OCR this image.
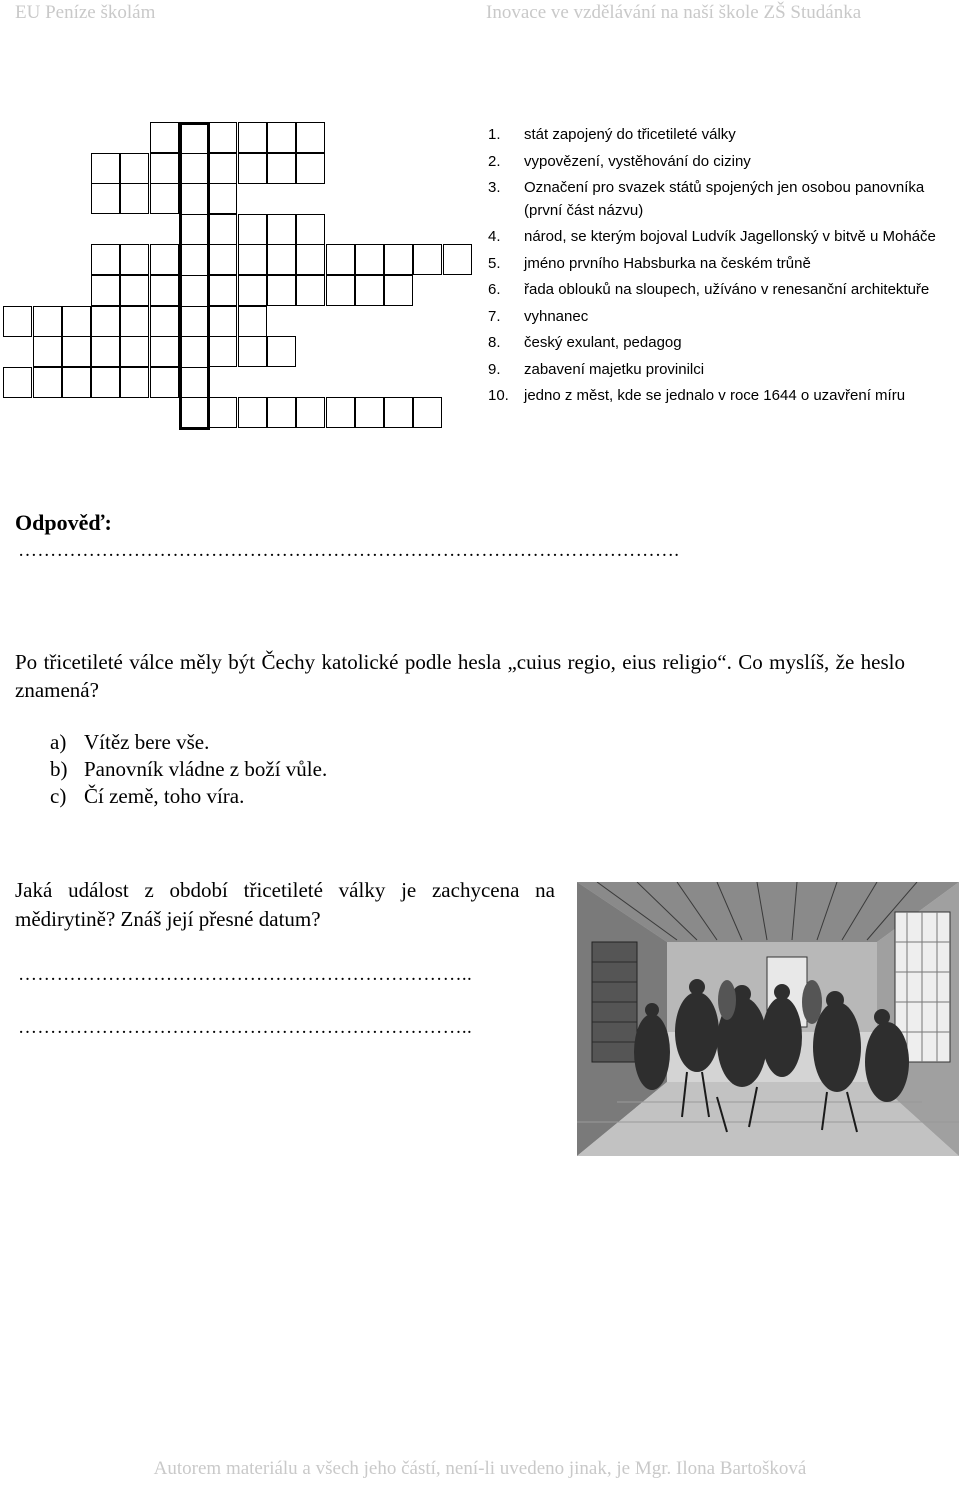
EU Peníze školám	Inovace ve vzdělávání na naší škole ZŠ Studánka
1. stát zapojený do třicetileté války
2. vypovězení, vystěhování do ciziny
3. Označení pro svazek států spojených jen osobou panovníka (první část názvu)
4. národ, se kterým bojoval Ludvík Jagellonský v bitvě u Moháče
5. jméno prvního Habsburka na českém trůně
6. řada oblouků na sloupech, užíváno v renesanční architektuře
7. vyhnanec
8. český exulant, pedagog
9. zabavení majetku provinilci
10. jedno z měst, kde se jednalo v roce 1644 o uzavření míru
Odpověď:
………………………………………………………………………………………….
Po třicetileté válce měly být Čechy katolické podle hesla „cuius regio, eius religio“. Co myslíš, že heslo znamená?
a) Vítěz bere vše.
b) Panovník vládne z boží vůle.
c) Čí země, toho víra.
Jaká událost z období třicetileté války je zachycena na mědirytině? Znáš její přesné datum?
……………………………………………………………..
……………………………………………………………..
Autorem materiálu a všech jeho částí, není-li uvedeno jinak, je Mgr. Ilona Bartošková
